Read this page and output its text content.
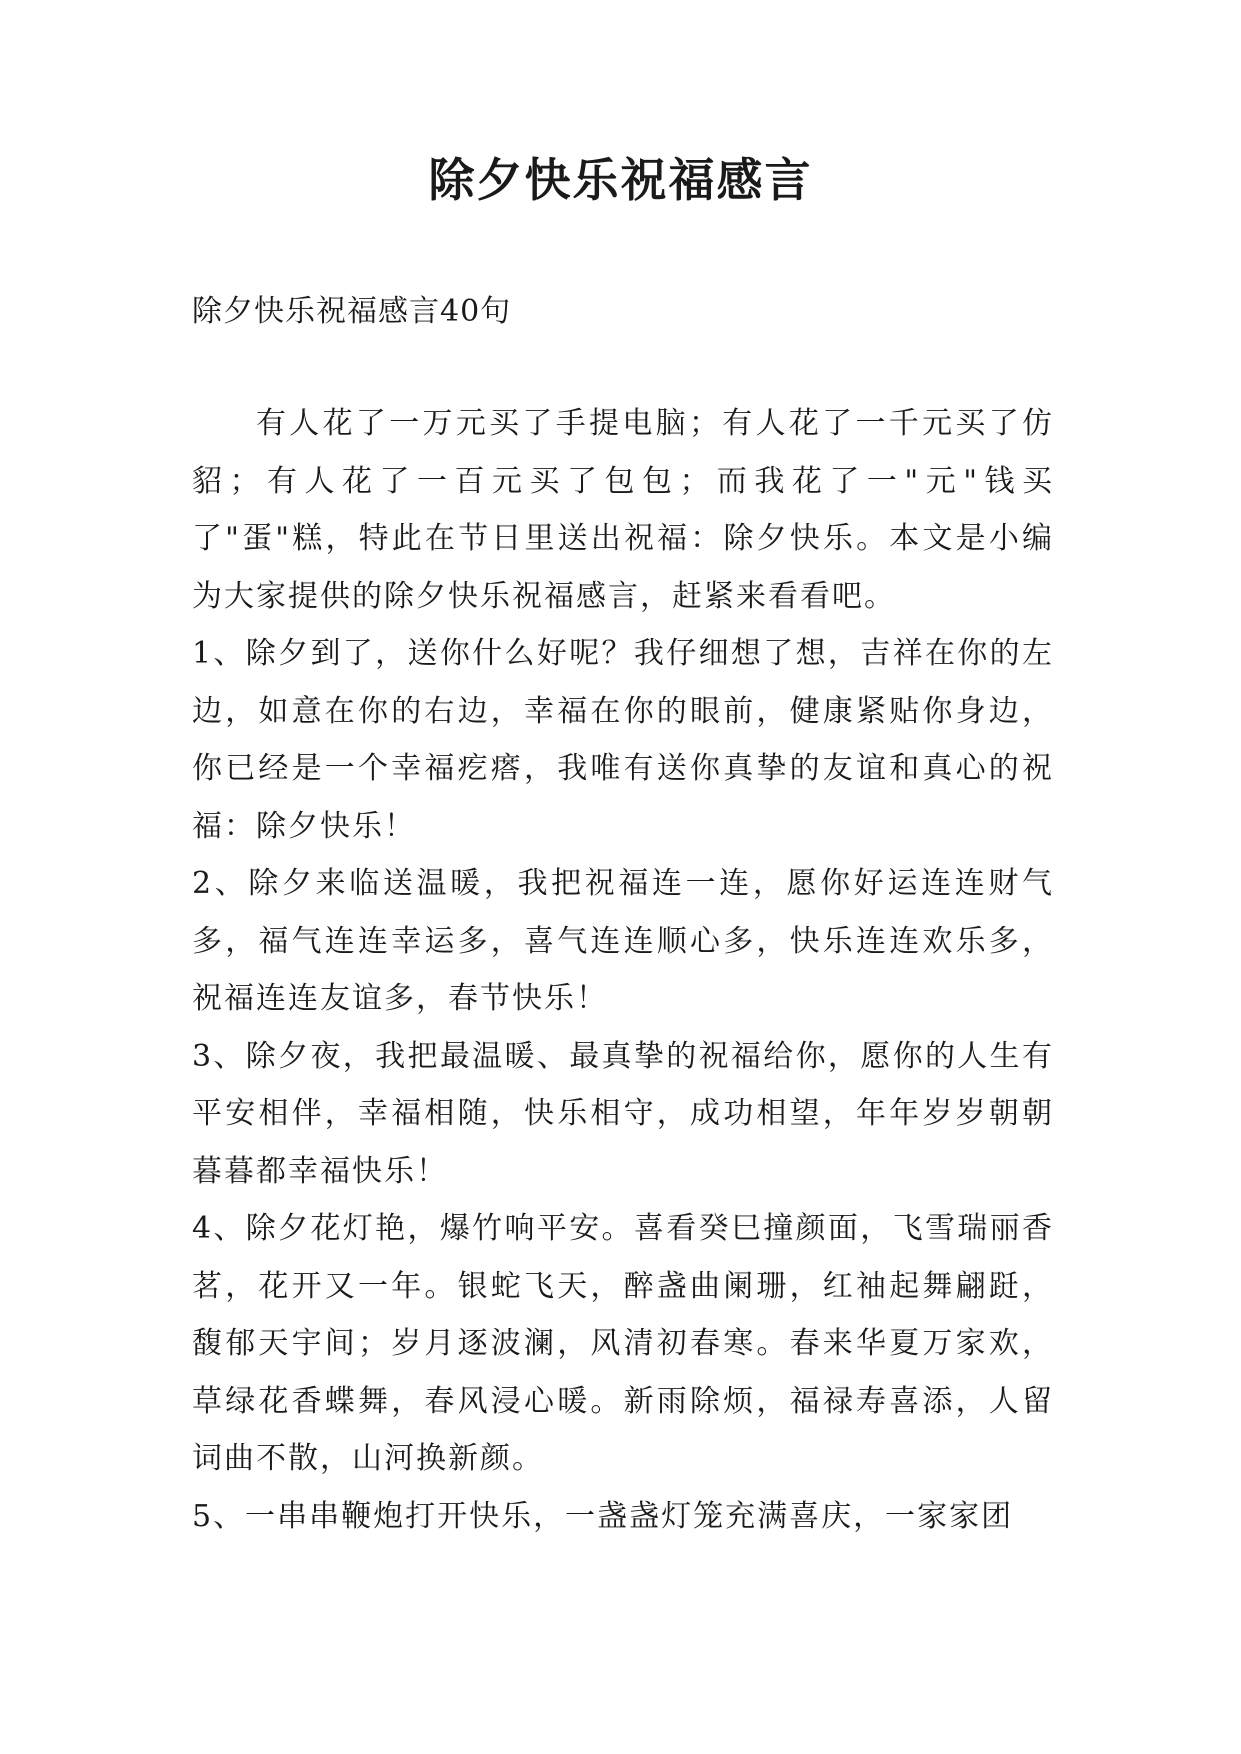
除夕快乐祝福感言

除夕快乐祝福感言40句

有人花了一万元买了手提电脑；有人花了一千元买了仿貂；有人花了一百元买了包包；而我花了一"元"钱买了"蛋"糕，特此在节日里送出祝福：除夕快乐。本文是小编为大家提供的除夕快乐祝福感言，赶紧来看看吧。

1、除夕到了，送你什么好呢？我仔细想了想，吉祥在你的左边，如意在你的右边，幸福在你的眼前，健康紧贴你身边，你已经是一个幸福疙瘩，我唯有送你真挚的友谊和真心的祝福：除夕快乐！

2、除夕来临送温暖，我把祝福连一连，愿你好运连连财气多，福气连连幸运多，喜气连连顺心多，快乐连连欢乐多，祝福连连友谊多，春节快乐！

3、除夕夜，我把最温暖、最真挚的祝福给你，愿你的人生有平安相伴，幸福相随，快乐相守，成功相望，年年岁岁朝朝暮暮都幸福快乐！

4、除夕花灯艳，爆竹响平安。喜看癸巳撞颜面，飞雪瑞丽香茗，花开又一年。银蛇飞天，醉盏曲阑珊，红袖起舞翩跹，馥郁天宇间；岁月逐波澜，风清初春寒。春来华夏万家欢，草绿花香蝶舞，春风浸心暖。新雨除烦，福禄寿喜添，人留词曲不散，山河换新颜。

5、一串串鞭炮打开快乐，一盏盏灯笼充满喜庆，一家家团
